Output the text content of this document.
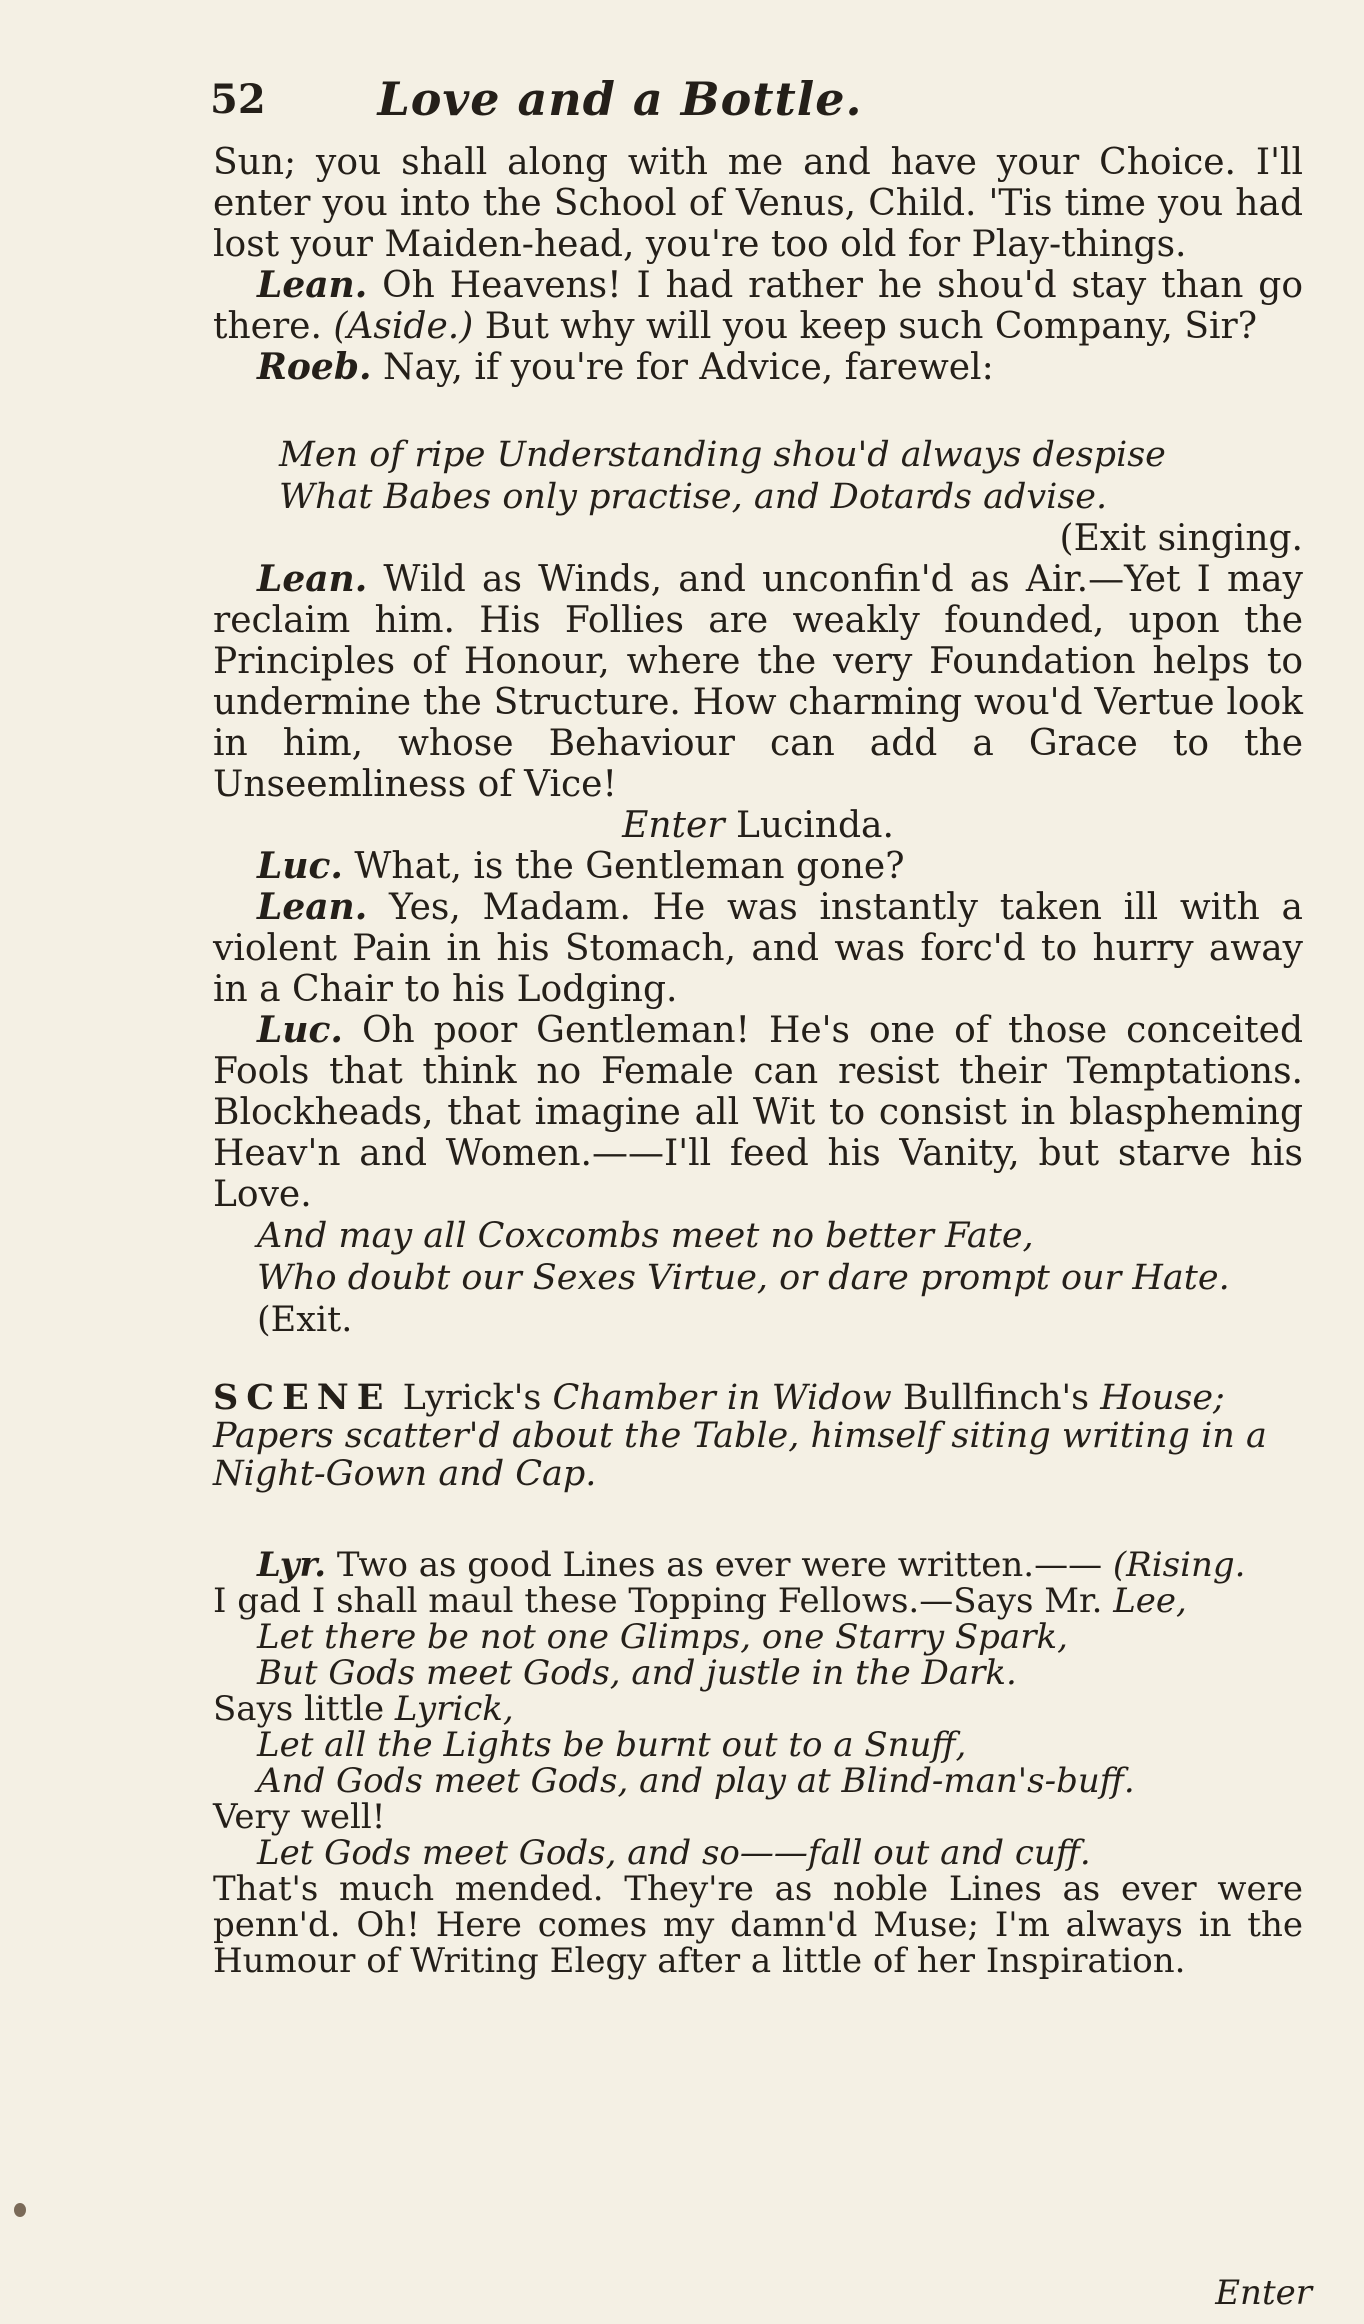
52	Love and a Bottle.

Sun; you shall along with me and have your Choice. I'll enter you into the School of Venus, Child. 'Tis time you had lost your Maiden-head, you're too old for Play-things.

Lean. Oh Heavens! I had rather he shou'd stay than go there. (Aside.) But why will you keep such Company, Sir?

Roeb. Nay, if you're for Advice, farewel:

Men of ripe Understanding shou'd always despise

What Babes only practise, and Dotards advise.

(Exit singing.

Lean. Wild as Winds, and unconfin'd as Air.—Yet I may reclaim him. His Follies are weakly founded, upon the Principles of Honour, where the very Foundation helps to undermine the Structure. How charming wou'd Vertue look in him, whose Behaviour can add a Grace to the Unseemliness of Vice!

Enter Lucinda.

Luc. What, is the Gentleman gone?

Lean. Yes, Madam. He was instantly taken ill with a violent Pain in his Stomach, and was forc'd to hurry away in a Chair to his Lodging.

Luc. Oh poor Gentleman! He's one of those conceited Fools that think no Female can resist their Temptations. Blockheads, that imagine all Wit to consist in blaspheming Heav'n and Women.——I'll feed his Vanity, but starve his Love.

And may all Coxcombs meet no better Fate,

Who doubt our Sexes Virtue, or dare prompt our Hate. (Exit.

SCENE Lyrick's Chamber in Widow Bullfinch's House; Papers scatter'd about the Table, himself siting writing in a Night-Gown and Cap.

Lyr. Two as good Lines as ever were written.—— (Rising.

I gad I shall maul these Topping Fellows.—Says Mr. Lee,

Let there be not one Glimps, one Starry Spark,

But Gods meet Gods, and justle in the Dark.

Says little Lyrick,

Let all the Lights be burnt out to a Snuff,

And Gods meet Gods, and play at Blind-man's-buff.

Very well!

Let Gods meet Gods, and so——fall out and cuff.

That's much mended. They're as noble Lines as ever were penn'd. Oh! Here comes my damn'd Muse; I'm always in the Humour of Writing Elegy after a little of her Inspiration.

Enter
